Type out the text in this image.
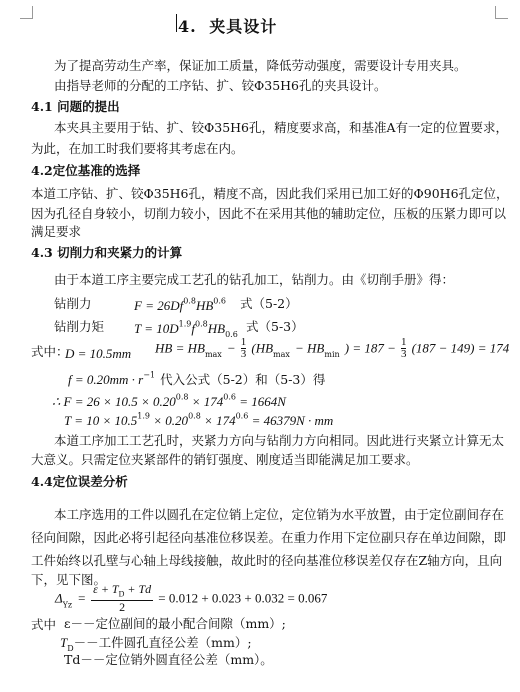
4. 夹具设计
为了提高劳动生产率，保证加工质量，降低劳动强度，需要设计专用夹具。
由指导老师的分配的工序钻、扩、铰Φ35H6孔的夹具设计。
4.1 问题的提出
本夹具主要用于钻、扩、铰Φ35H6孔，精度要求高，和基准A有一定的位置要求，
为此，在加工时我们要将其考虑在内。
4.2定位基准的选择
本道工序钻、扩、铰Φ35H6孔，精度不高，因此我们采用已加工好的Φ90H6孔定位，
因为孔径自身较小，切削力较小，因此不在采用其他的辅助定位，压板的压紧力即可以
满足要求
4.3 切削力和夹紧力的计算
由于本道工序主要完成工艺孔的钻孔加工，钻削力。由《切削手册》得：
钻削力	$F = 26Df^{0.8}HB^{0.6}$ 式（5-2）
钻削力矩 $T = 10D^{1.9}f^{0.8}HB_{0.6}$
式（5-3）
式中：
D = 10.5mm HB = $HB_{max} - \frac{1}{3} (HB_{max} - HB_{min}$ ) = $187 - \frac{1}{3} (187 - 149) = 174$
$f = 0.20mm \cdot r^{-1}$ 代入公式（5-2）和（5-3）得
∴ $F = 26 \times 10.5 \times 0.20^{0.8} \times 174^{0.6} = 1664N$
$T = 10 \times 10.5^{1.9} \times 0.20^{0.8} \times 174^{0.6} = 46379N$ · mm
本道工序加工工艺孔时，夹紧力方向与钻削力方向相同。因此进行夹紧立计算无太
大意义。只需定位夹紧部件的销钉强度、刚度适当即能满足加工要求。
4.4定位误差分析
本工序选用的工件以圆孔在定位销上定位，定位销为水平放置，由于定位副间存在
径向间隙，因此必将引起径向基准位移误差。在重力作用下定位副只存在单边间隙，即
工件始终以孔壁与心轴上母线接触，故此时的径向基准位移误差仅存在Z轴方向，且向
下，见下图。
$\Delta_{Yz} = \frac{\varepsilon + T_D + Td}{2} = 0.012 + 0.023 + 0.032 = 0.067$
式中 ε－－定位副间的最小配合间隙（mm）;
$T_D--$工件圆孔直径公差（mm）;
Td－－定位销外圆直径公差（mm）。
